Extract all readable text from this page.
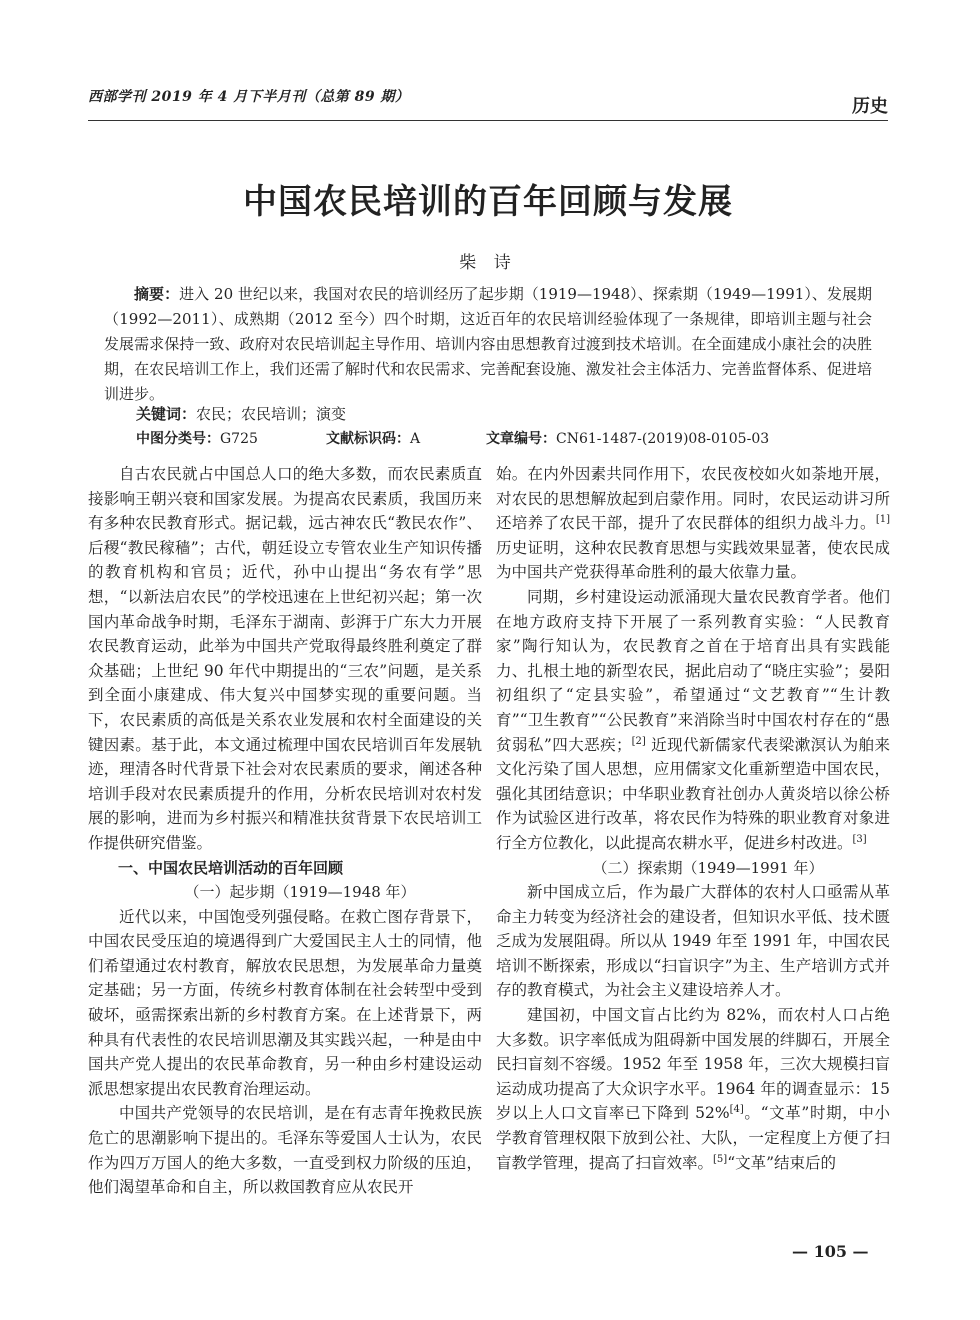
西部学刊 2019 年 4 月下半月刊（总第 89 期）	历史
中国农民培训的百年回顾与发展
柴 诗
摘要：进入 20 世纪以来，我国对农民的培训经历了起步期（1919—1948）、探索期（1949—1991）、发展期（1992—2011）、成熟期（2012 至今）四个时期，这近百年的农民培训经验体现了一条规律，即培训主题与社会发展需求保持一致、政府对农民培训起主导作用、培训内容由思想教育过渡到技术培训。在全面建成小康社会的决胜期，在农民培训工作上，我们还需了解时代和农民需求、完善配套设施、激发社会主体活力、完善监督体系、促进培训进步。
关键词：农民；农民培训；演变
中图分类号：G725	文献标识码：A	文章编号：CN61-1487-(2019)08-0105-03

自古农民就占中国总人口的绝大多数，而农民素质直接影响王朝兴衰和国家发展。为提高农民素质，我国历来有多种农民教育形式。据记载，远古神农氏“教民农作”、后稷“教民稼穑”；古代，朝廷设立专管农业生产知识传播的教育机构和官员；近代，孙中山提出“务农有学”思想，“以新法启农民”的学校迅速在上世纪初兴起；第一次国内革命战争时期，毛泽东于湖南、彭湃于广东大力开展农民教育运动，此举为中国共产党取得最终胜利奠定了群众基础；上世纪 90 年代中期提出的“三农”问题，是关系到全面小康建成、伟大复兴中国梦实现的重要问题。当下，农民素质的高低是关系农业发展和农村全面建设的关键因素。基于此，本文通过梳理中国农民培训百年发展轨迹，理清各时代背景下社会对农民素质的要求，阐述各种培训手段对农民素质提升的作用，分析农民培训对农村发展的影响，进而为乡村振兴和精准扶贫背景下农民培训工作提供研究借鉴。

一、中国农民培训活动的百年回顾

（一）起步期（1919—1948 年）

近代以来，中国饱受列强侵略。在救亡图存背景下，中国农民受压迫的境遇得到广大爱国民主人士的同情，他们希望通过农村教育，解放农民思想，为发展革命力量奠定基础；另一方面，传统乡村教育体制在社会转型中受到破坏，亟需探索出新的乡村教育方案。在上述背景下，两种具有代表性的农民培训思潮及其实践兴起，一种是由中国共产党人提出的农民革命教育，另一种由乡村建设运动派思想家提出农民教育治理运动。

中国共产党领导的农民培训，是在有志青年挽救民族危亡的思潮影响下提出的。毛泽东等爱国人士认为，农民作为四万万国人的绝大多数，一直受到权力阶级的压迫，他们渴望革命和自主，所以救国教育应从农民开

始。在内外因素共同作用下，农民夜校如火如荼地开展，对农民的思想解放起到启蒙作用。同时，农民运动讲习所还培养了农民干部，提升了农民群体的组织力战斗力。[1] 历史证明，这种农民教育思想与实践效果显著，使农民成为中国共产党获得革命胜利的最大依靠力量。

同期，乡村建设运动派涌现大量农民教育学者。他们在地方政府支持下开展了一系列教育实验：“人民教育家”陶行知认为，农民教育之首在于培育出具有实践能力、扎根土地的新型农民，据此启动了“晓庄实验”；晏阳初组织了“定县实验”，希望通过“文艺教育”“生计教育”“卫生教育”“公民教育”来消除当时中国农村存在的“愚贫弱私”四大恶疾；[2] 近现代新儒家代表梁漱溟认为舶来文化污染了国人思想，应用儒家文化重新塑造中国农民，强化其团结意识；中华职业教育社创办人黄炎培以徐公桥作为试验区进行改革，将农民作为特殊的职业教育对象进行全方位教化，以此提高农耕水平，促进乡村改进。[3]

（二）探索期（1949—1991 年）

新中国成立后，作为最广大群体的农村人口亟需从革命主力转变为经济社会的建设者，但知识水平低、技术匮乏成为发展阻碍。所以从 1949 年至 1991 年，中国农民培训不断探索，形成以“扫盲识字”为主、生产培训方式并存的教育模式，为社会主义建设培养人才。

建国初，中国文盲占比约为 82%，而农村人口占绝大多数。识字率低成为阻碍新中国发展的绊脚石，开展全民扫盲刻不容缓。1952 年至 1958 年，三次大规模扫盲运动成功提高了大众识字水平。1964 年的调查显示：15 岁以上人口文盲率已下降到 52%[4]。“文革”时期，中小学教育管理权限下放到公社、大队，一定程度上方便了扫盲教学管理，提高了扫盲效率。[5]“文革”结束后的

— 105 —
